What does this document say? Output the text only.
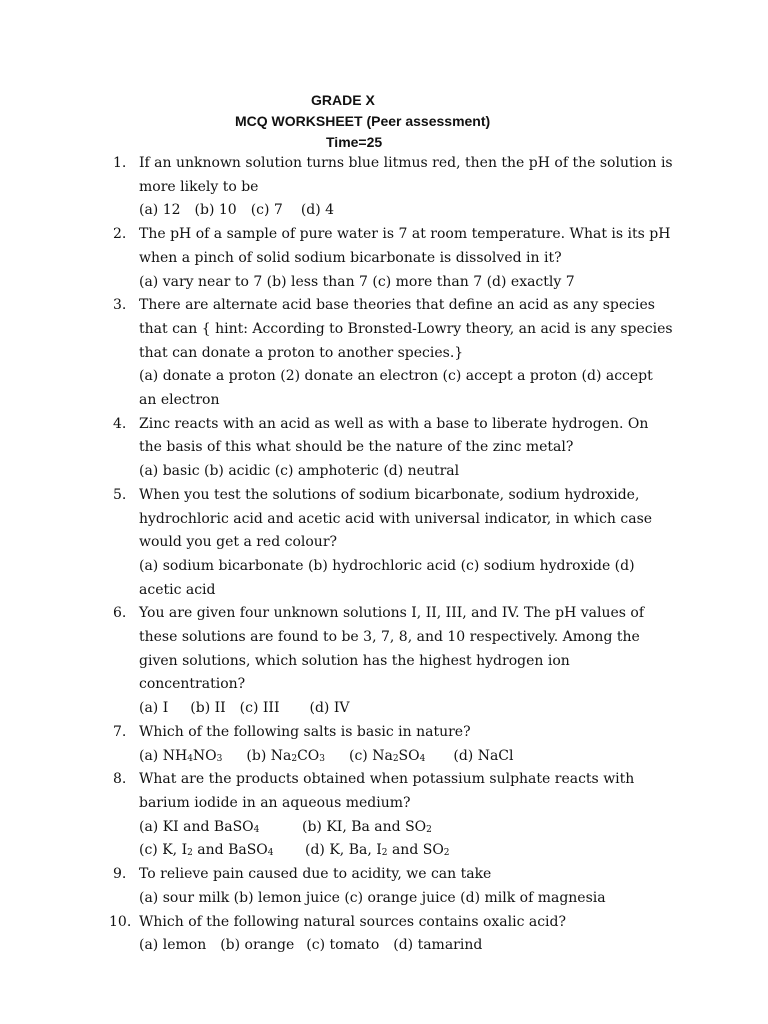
GRADE X
MCQ WORKSHEET (Peer assessment)
Time=25
1. If an unknown solution turns blue litmus red, then the pH of the solution is more likely to be
(a) 12 (b) 10 (c) 7 (d) 4
2. The pH of a sample of pure water is 7 at room temperature. What is its pH when a pinch of solid sodium bicarbonate is dissolved in it?
(a) vary near to 7 (b) less than 7 (c) more than 7 (d) exactly 7
3. There are alternate acid base theories that define an acid as any species that can { hint: According to Bronsted-Lowry theory, an acid is any species that can donate a proton to another species.}
(a) donate a proton (2) donate an electron (c) accept a proton (d) accept an electron
4. Zinc reacts with an acid as well as with a base to liberate hydrogen. On the basis of this what should be the nature of the zinc metal?
(a) basic (b) acidic (c) amphoteric (d) neutral
5. When you test the solutions of sodium bicarbonate, sodium hydroxide, hydrochloric acid and acetic acid with universal indicator, in which case would you get a red colour?
(a) sodium bicarbonate (b) hydrochloric acid (c) sodium hydroxide (d) acetic acid
6. You are given four unknown solutions I, II, III, and IV. The pH values of these solutions are found to be 3, 7, 8, and 10 respectively. Among the given solutions, which solution has the highest hydrogen ion concentration?
(a) I (b) II (c) III (d) IV
7. Which of the following salts is basic in nature?
(a) $NH_4NO_3$ (b) $Na_2CO_3$ (c) $Na_2SO_4$ (d) NaCl
8. What are the products obtained when potassium sulphate reacts with barium iodide in an aqueous medium?
(a) KI and BaSO$_4$	(b) KI, Ba and $SO_2$
(c) K, $I_2$ and BaSO$_4$ (d) K, Ba, $I_2$ and $SO_2$
9. To relieve pain caused due to acidity, we can take
(a) sour milk (b) lemon juice (c) orange juice (d) milk of magnesia
10. Which of the following natural sources contains oxalic acid?
(a) lemon (b) orange (c) tomato (d) tamarind
